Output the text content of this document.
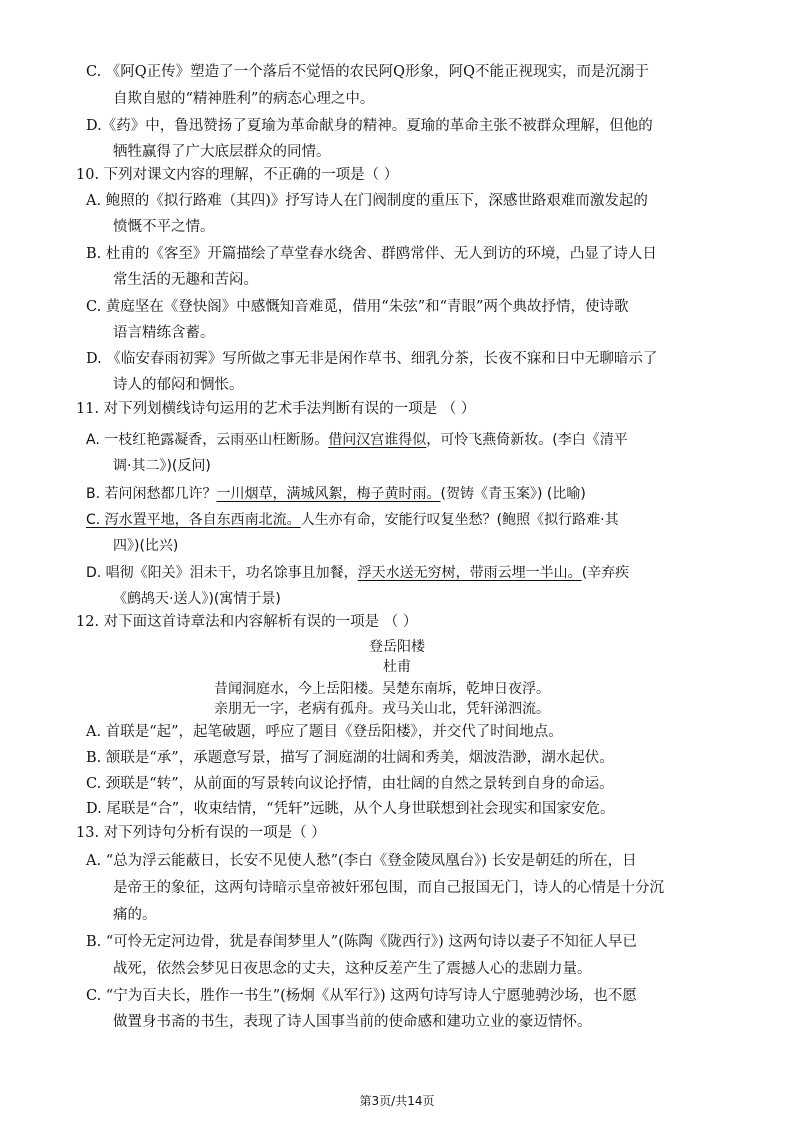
C. 《阿Q正传》塑造了一个落后不觉悟的农民阿Q形象，阿Q不能正视现实，而是沉溺于
自欺自慰的“精神胜利”的病态心理之中。
D.《药》中，鲁迅赞扬了夏瑜为革命献身的精神。夏瑜的革命主张不被群众理解，但他的
牺牲赢得了广大底层群众的同情。
10. 下列对课文内容的理解，不正确的一项是（ ）
A. 鲍照的《拟行路难（其四)》抒写诗人在门阀制度的重压下，深感世路艰难而激发起的
愤慨不平之情。
B. 杜甫的《客至》开篇描绘了草堂春水绕舍、群鸥常伴、无人到访的环境，凸显了诗人日
常生活的无趣和苦闷。
C. 黄庭坚在《登快阁》中感慨知音难觅，借用“朱弦”和“青眼”两个典故抒情，使诗歌
语言精练含蓄。
D. 《临安春雨初霁》写所做之事无非是闲作草书、细乳分茶，长夜不寐和日中无聊暗示了
诗人的郁闷和惆怅。
11. 对下列划横线诗句运用的艺术手法判断有误的一项是 （ ）
A. 一枝红艳露凝香，云雨巫山枉断肠。借问汉宫谁得似，可怜飞燕倚新妆。(李白《清平
调·其二》)(反问)
B. 若问闲愁都几许？一川烟草，满城风絮，梅子黄时雨。(贺铸《青玉案》) (比喻)
C. 泻水置平地，各自东西南北流。人生亦有命，安能行叹复坐愁？(鲍照《拟行路难·其
四》)(比兴)
D. 唱彻《阳关》泪未干，功名馀事且加餐，浮天水送无穷树，带雨云埋一半山。(辛弃疾
《鹧鸪天·送人》)(寓情于景)
12. 对下面这首诗章法和内容解析有误的一项是 （ ）
登岳阳楼
杜甫
昔闻洞庭水，今上岳阳楼。吴楚东南坼，乾坤日夜浮。
亲朋无一字，老病有孤舟。戎马关山北，凭轩涕泗流。
A. 首联是“起”，起笔破题，呼应了题目《登岳阳楼》，并交代了时间地点。
B. 颔联是“承”，承题意写景，描写了洞庭湖的壮阔和秀美，烟波浩渺，湖水起伏。
C. 颈联是“转”，从前面的写景转向议论抒情，由壮阔的自然之景转到自身的命运。
D. 尾联是“合”，收束结情，“凭轩”远眺，从个人身世联想到社会现实和国家安危。
13. 对下列诗句分析有误的一项是（ ）
A. “总为浮云能蔽日，长安不见使人愁”(李白《登金陵凤凰台》) 长安是朝廷的所在，日
是帝王的象征，这两句诗暗示皇帝被奸邪包围，而自己报国无门，诗人的心情是十分沉
痛的。
B. “可怜无定河边骨，犹是春闺梦里人”(陈陶《陇西行》) 这两句诗以妻子不知征人早已
战死，依然会梦见日夜思念的丈夫，这种反差产生了震撼人心的悲剧力量。
C. “宁为百夫长，胜作一书生”(杨炯《从军行》) 这两句诗写诗人宁愿驰骋沙场，也不愿
做置身书斋的书生，表现了诗人国事当前的使命感和建功立业的豪迈情怀。
第3页/共14页
